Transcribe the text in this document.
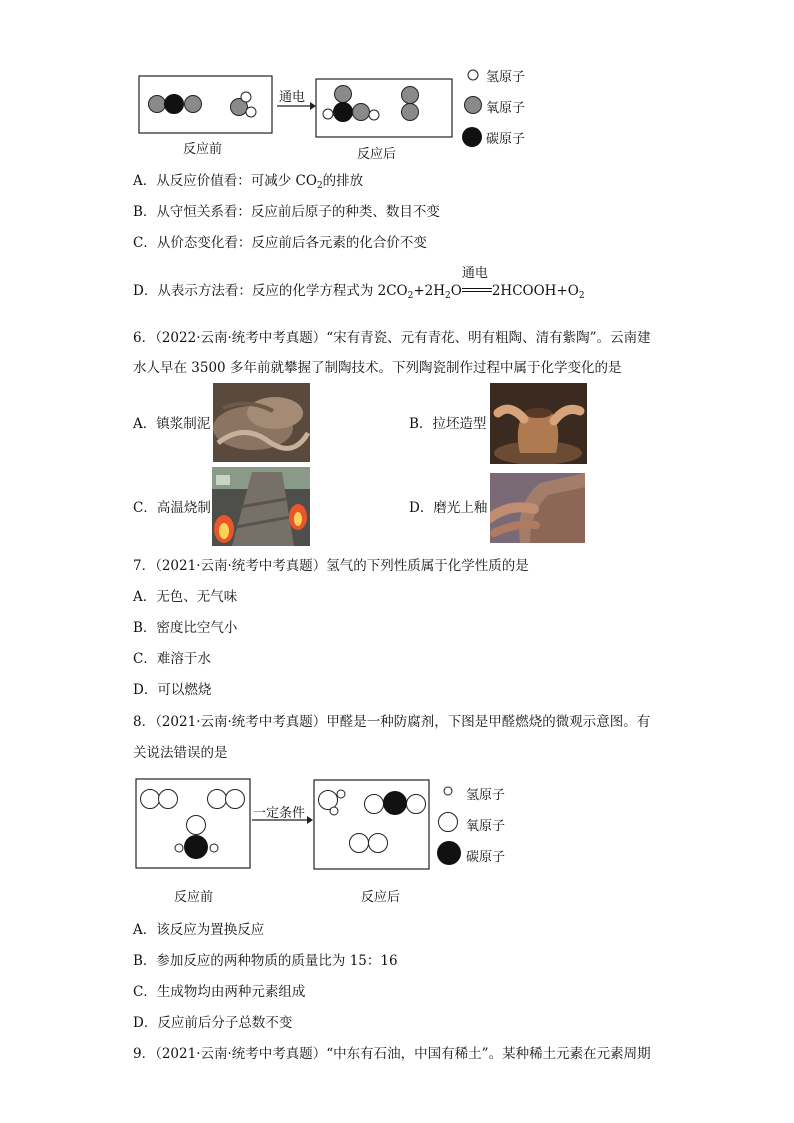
通电
反应前	反应后
氢原子
氧原子
碳原子
A．从反应价值看：可减少 $CO_2$的排放
B．从守恒关系看：反应前后原子的种类、数目不变
C．从价态变化看：反应前后各元素的化合价不变
D．从表示方法看：反应的化学方程式为 $2CO_2+2H_2O$
通电
$2HCOOH+O_2$
6．（2022·云南·统考中考真题）“宋有青瓷、元有青花、明有粗陶、清有紫陶”。云南建
水人早在 3500 多年前就攀握了制陶技术。下列陶瓷制作过程中属于化学变化的是
A．镇浆制泥	B．拉坯造型
C．高温烧制	D．磨光上釉
7．（2021·云南·统考中考真题）氢气的下列性质属于化学性质的是
A．无色、无气味
B．密度比空气小
C．难溶于水
D．可以燃烧
8．（2021·云南·统考中考真题）甲醛是一种防腐剂，下图是甲醛燃烧的微观示意图。有
关说法错误的是
一定条件
反应前	反应后
氢原子
氧原子
碳原子
A．该反应为置换反应
B．参加反应的两种物质的质量比为 15：16
C．生成物均由两种元素组成
D．反应前后分子总数不变
9．（2021·云南·统考中考真题）“中东有石油，中国有稀土”。某种稀土元素在元素周期
